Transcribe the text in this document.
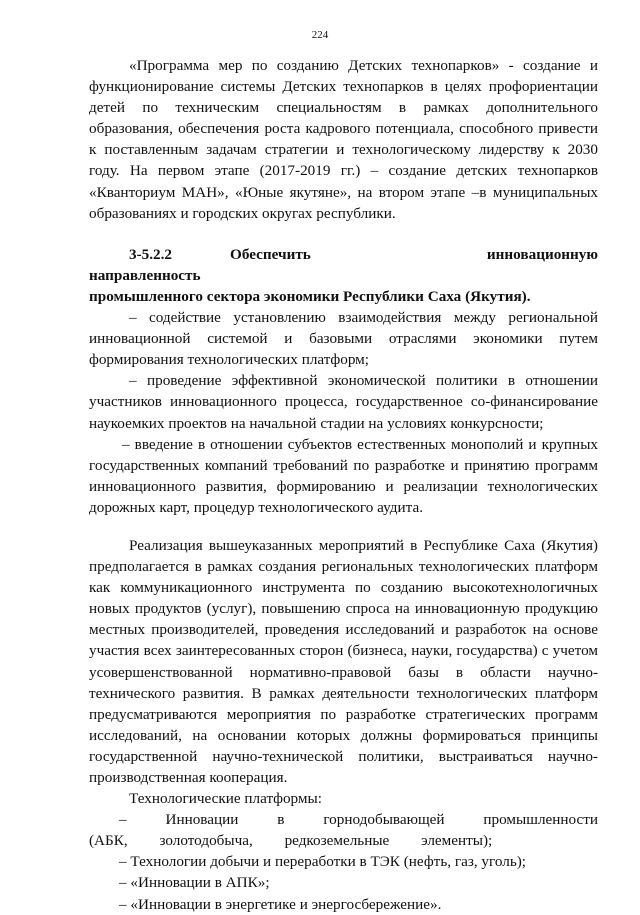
224

«Программа мер по созданию Детских технопарков» - создание и функционирование системы Детских технопарков в целях профориентации детей по техническим специальностям в рамках дополнительного образования, обеспечения роста кадрового потенциала, способного привести к поставленным задачам стратегии и технологическому лидерству к 2030 году. На первом этапе (2017-2019 гг.) – создание детских технопарков «Кванториум МАН», «Юные якутяне», на втором этапе –в муниципальных образованиях и городских округах республики.

3-5.2.2	Обеспечить инновационную направленность

промышленного сектора экономики Республики Саха (Якутия).

– содействие установлению взаимодействия между региональной инновационной системой и базовыми отраслями экономики путем формирования технологических платформ;

– проведение эффективной экономической политики в отношении участников инновационного процесса, государственное со-финансирование наукоемких проектов на начальной стадии на условиях конкурсности;

– введение в отношении субъектов естественных монополий и крупных государственных компаний требований по разработке и принятию программ инновационного развития, формированию и реализации технологических дорожных карт, процедур технологического аудита.

Реализация вышеуказанных мероприятий в Республике Саха (Якутия) предполагается в рамках создания региональных технологических платформ как коммуникационного инструмента по созданию высокотехнологичных новых продуктов (услуг), повышению спроса на инновационную продукцию местных производителей, проведения исследований и разработок на основе участия всех заинтересованных сторон (бизнеса, науки, государства) с учетом усовершенствованной нормативно-правовой базы в области научно-технического развития. В рамках деятельности технологических платформ предусматриваются мероприятия по разработке стратегических программ исследований, на основании которых должны формироваться принципы государственной научно-технической политики, выстраиваться научно-производственная кооперация.

Технологические платформы:

– Инновации в горнодобывающей промышленности (АБК, золотодобыча, редкоземельные элементы);

– Технологии добычи и переработки в ТЭК (нефть, газ, уголь);

– «Инновации в АПК»;

– «Инновации в энергетике и энергосбережение».
